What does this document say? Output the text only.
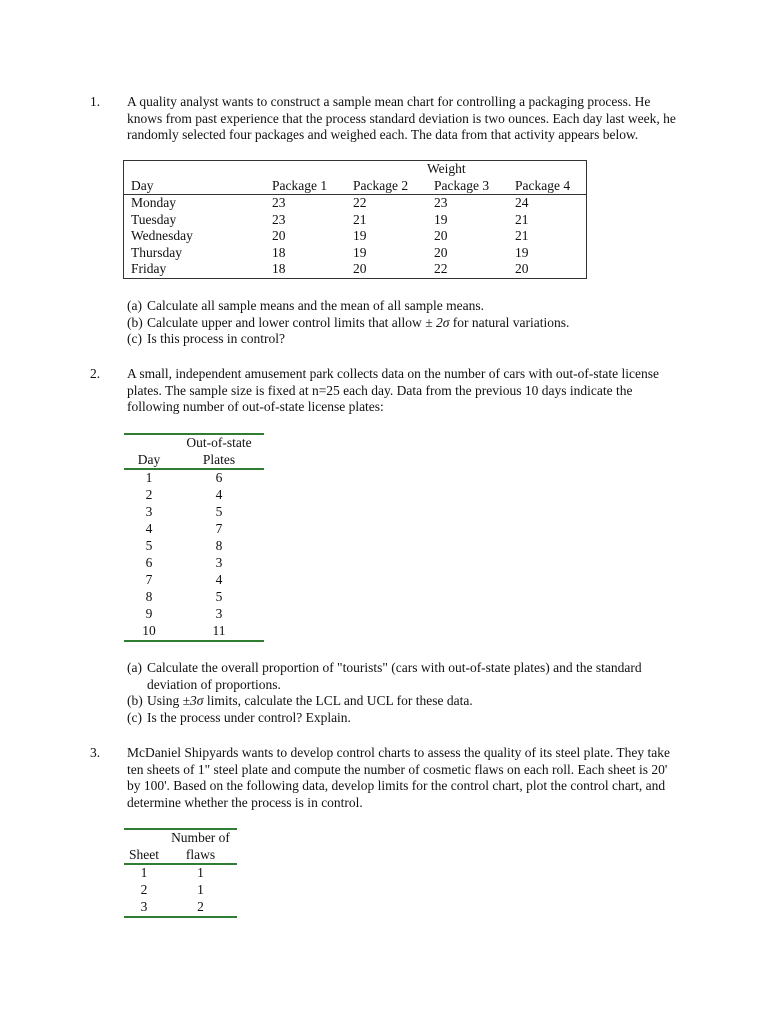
1. A quality analyst wants to construct a sample mean chart for controlling a packaging process. He knows from past experience that the process standard deviation is two ounces. Each day last week, he randomly selected four packages and weighed each. The data from that activity appears below.

			Weight	
Day	Package 1	Package 2	Package 3	Package 4
Monday	23	22	23	24
Tuesday	23	21	19	21
Wednesday	20	19	20	21
Thursday	18	19	20	19
Friday	18	20	22	20
(a) Calculate all sample means and the mean of all sample means.
(b) Calculate upper and lower control limits that allow ± 2σ for natural variations.
(c) Is this process in control?
2. A small, independent amusement park collects data on the number of cars with out-of-state license plates. The sample size is fixed at n=25 each day. Data from the previous 10 days indicate the following number of out-of-state license plates:

Day	Out-of-state Plates
1	6
2	4
3	5
4	7
5	8
6	3
7	4
8	5
9	3
10	11
(a) Calculate the overall proportion of "tourists" (cars with out-of-state plates) and the standard deviation of proportions.
(b) Using ±3σ limits, calculate the LCL and UCL for these data.
(c) Is the process under control? Explain.
3. McDaniel Shipyards wants to develop control charts to assess the quality of its steel plate. They take ten sheets of 1" steel plate and compute the number of cosmetic flaws on each roll. Each sheet is 20' by 100'. Based on the following data, develop limits for the control chart, plot the control chart, and determine whether the process is in control.

Sheet	Number of flaws
1	1
2	1
3	2
